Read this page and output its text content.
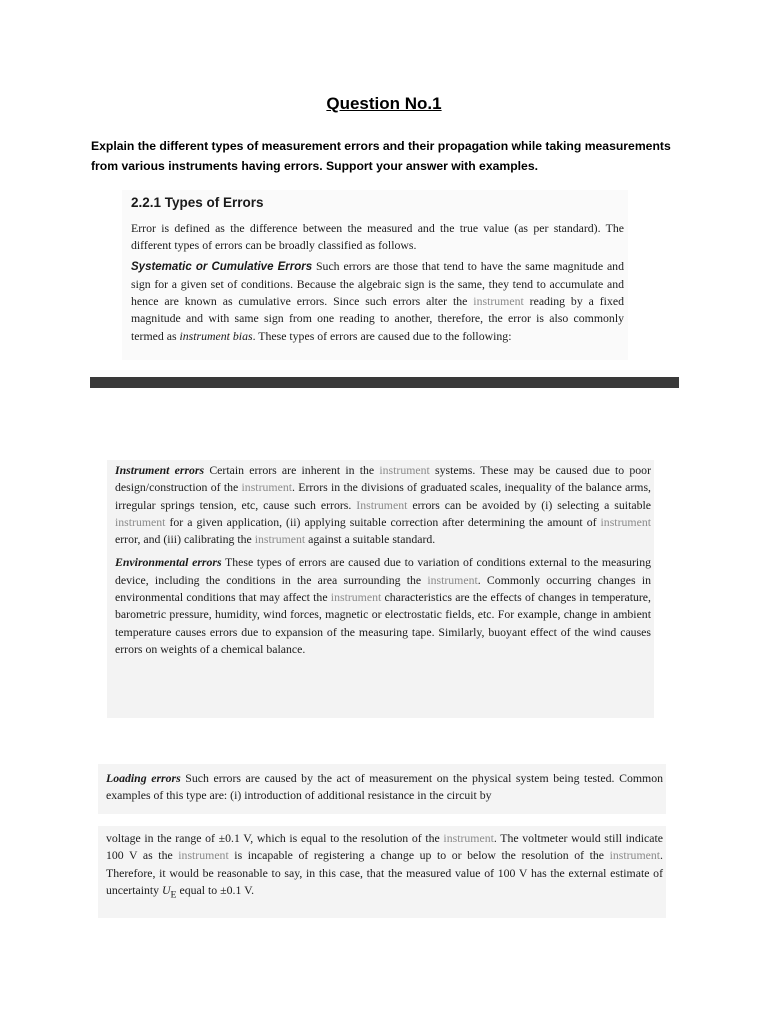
Question No.1
Explain the different types of measurement errors and their propagation while taking measurements from various instruments having errors. Support your answer with examples.
2.2.1 Types of Errors

Error is defined as the difference between the measured and the true value (as per standard). The different types of errors can be broadly classified as follows.

Systematic or Cumulative Errors Such errors are those that tend to have the same magnitude and sign for a given set of conditions. Because the algebraic sign is the same, they tend to accumulate and hence are known as cumulative errors. Since such errors alter the instrument reading by a fixed magnitude and with same sign from one reading to another, therefore, the error is also commonly termed as instrument bias. These types of errors are caused due to the following:

Instrument errors Certain errors are inherent in the instrument systems. These may be caused due to poor design/construction of the instrument. Errors in the divisions of graduated scales, inequality of the balance arms, irregular springs tension, etc, cause such errors. Instrument errors can be avoided by (i) selecting a suitable instrument for a given application, (ii) applying suitable correction after determining the amount of instrument error, and (iii) calibrating the instrument against a suitable standard.

Environmental errors These types of errors are caused due to variation of conditions external to the measuring device, including the conditions in the area surrounding the instrument. Commonly occurring changes in environmental conditions that may affect the instrument characteristics are the effects of changes in temperature, barometric pressure, humidity, wind forces, magnetic or electrostatic fields, etc. For example, change in ambient temperature causes errors due to expansion of the measuring tape. Similarly, buoyant effect of the wind causes errors on weights of a chemical balance.

Loading errors Such errors are caused by the act of measurement on the physical system being tested. Common examples of this type are: (i) introduction of additional resistance in the circuit by

voltage in the range of ±0.1 V, which is equal to the resolution of the instrument. The voltmeter would still indicate 100 V as the instrument is incapable of registering a change up to or below the resolution of the instrument. Therefore, it would be reasonable to say, in this case, that the measured value of 100 V has the external estimate of uncertainty $U_E$ equal to ±0.1 V.
